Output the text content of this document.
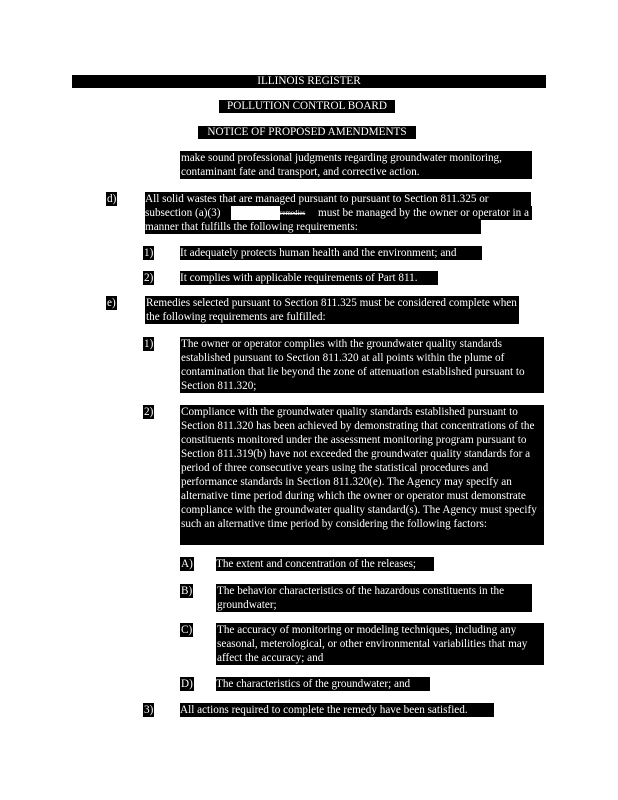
ILLINOIS REGISTER
POLLUTION CONTROL BOARD
NOTICE OF PROPOSED AMENDMENTS
make sound professional judgments regarding groundwater monitoring, contaminant fate and transport, and corrective action.
d)	All solid wastes that are managed pursuant to pursuant to Section 811.325 or
subsection (a)(3)	remedies	must be managed by the owner or operator in a
manner that fulfills the following requirements:
1) It adequately protects human health and the environment; and
2) It complies with applicable requirements of Part 811.
e)	Remedies selected pursuant to Section 811.325 must be considered complete when the following requirements are fulfilled:
1) The owner or operator complies with the groundwater quality standards established pursuant to Section 811.320 at all points within the plume of contamination that lie beyond the zone of attenuation established pursuant to Section 811.320;
2) Compliance with the groundwater quality standards established pursuant to Section 811.320 has been achieved by demonstrating that concentrations of the constituents monitored under the assessment monitoring program pursuant to Section 811.319(b) have not exceeded the groundwater quality standards for a period of three consecutive years using the statistical procedures and performance standards in Section 811.320(e). The Agency may specify an alternative time period during which the owner or operator must demonstrate compliance with the groundwater quality standard(s). The Agency must specify such an alternative time period by considering the following factors:
A) The extent and concentration of the releases;
B) The behavior characteristics of the hazardous constituents in the groundwater;
C) The accuracy of monitoring or modeling techniques, including any seasonal, meterological, or other environmental variabilities that may affect the accuracy; and
D) The characteristics of the groundwater; and
3) All actions required to complete the remedy have been satisfied.
